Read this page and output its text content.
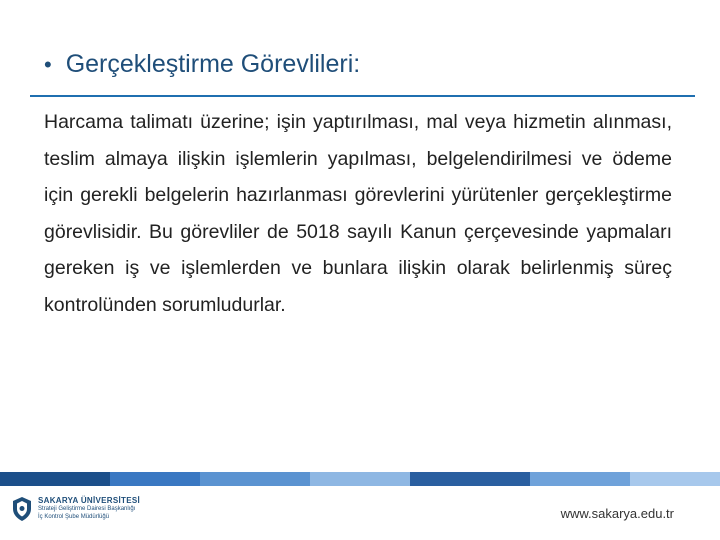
• Gerçekleştirme Görevlileri:

Harcama talimatı üzerine; işin yaptırılması, mal veya hizmetin alınması, teslim almaya ilişkin işlemlerin yapılması, belgelendirilmesi ve ödeme için gerekli belgelerin hazırlanması görevlerini yürütenler gerçekleştirme görevlisidir. Bu görevliler de 5018 sayılı Kanun çerçevesinde yapmaları gereken iş ve işlemlerden ve bunlara ilişkin olarak belirlenmiş süreç kontrolünden sorumludurlar.

SAKARYA ÜNİVERSİTESİ
Strateji Geliştirme Dairesi Başkanlığı
İç Kontrol Şube Müdürlüğü	www.sakarya.edu.tr
